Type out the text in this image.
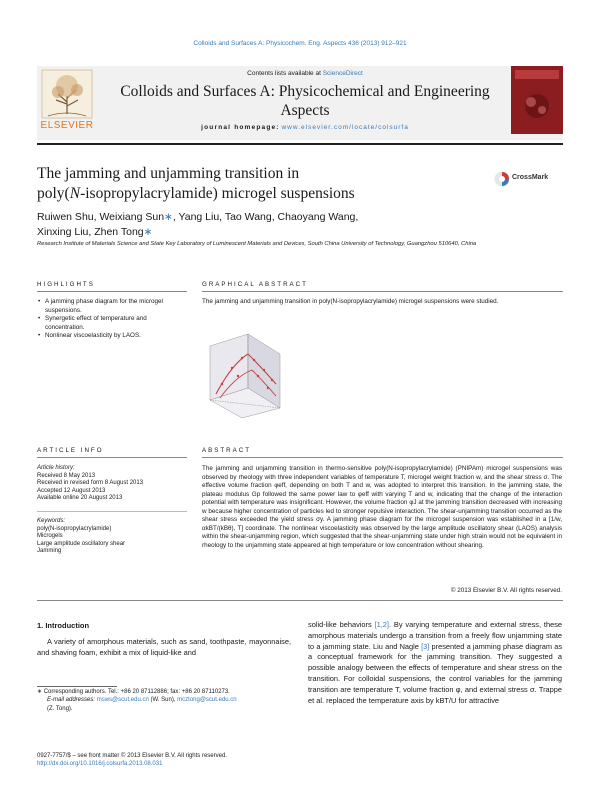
Colloids and Surfaces A: Physicochem. Eng. Aspects 436 (2013) 912–921
ELSEVIER
Contents lists available at ScienceDirect
Colloids and Surfaces A: Physicochemical and Engineering Aspects
journal homepage: www.elsevier.com/locate/colsurfa
The jamming and unjamming transition in
poly(N-isopropylacrylamide) microgel suspensions
CrossMark
Ruiwen Shu, Weixiang Sun∗, Yang Liu, Tao Wang, Chaoyang Wang,
Xinxing Liu, Zhen Tong∗
Research Institute of Materials Science and State Key Laboratory of Luminescent Materials and Devices, South China University of Technology, Guangzhou 510640, China
HIGHLIGHTS	GRAPHICAL ABSTRACT
• A jamming phase diagram for the microgel suspensions.
• Synergetic effect of temperature and concentration.
• Nonlinear viscoelasticity by LAOS.
The jamming and unjamming transition in poly(N-isopropylacrylamide) microgel suspensions were studied.
ARTICLE INFO	ABSTRACT
Article history:
Received 8 May 2013
Received in revised form 8 August 2013
Accepted 12 August 2013
Available online 20 August 2013
Keywords:
poly(N-isopropylacrylamide)
Microgels
Large amplitude oscillatory shear
Jamming
The jamming and unjamming transition in thermo-sensitive poly(N-isopropylacrylamide) (PNIPAm) microgel suspensions was observed by rheology with three independent variables of temperature T, microgel weight fraction w, and the shear stress σ. The effective volume fraction φeff, depending on both T and w, was adopted to interpret this transition. In the jamming state, the plateau modulus Gp followed the same power law to φeff with varying T and w, indicating that the change of the interaction potential with temperature was insignificant. However, the volume fraction φJ at the jamming transition decreased with increasing w because higher concentration of particles led to stronger repulsive interaction. The shear-unjamming transition occurred as the shear stress exceeded the yield stress σy. A jamming phase diagram for the microgel suspension was established in a [1/w, αkBT/(kBθ), T] coordinate. The nonlinear viscoelasticity was observed by the large amplitude oscillatory shear (LAOS) analysis within the shear-unjamming region, which suggested that the shear-unjamming state under high strain would not be equivalent in rheology to the unjamming state appeared at high temperature or low concentration without shearing.
© 2013 Elsevier B.V. All rights reserved.
1. Introduction
A variety of amorphous materials, such as sand, toothpaste, mayonnaise, and shaving foam, exhibit a mix of liquid-like and
solid-like behaviors [1,2]. By varying temperature and external stress, these amorphous materials undergo a transition from a freely flow unjamming state to a jamming state. Liu and Nagle [3] presented a jamming phase diagram as a conceptual framework for the jamming transition. They suggested a possible analogy between the effects of temperature and shear stress on the transition. For colloidal suspensions, the control variables for the jamming transition are temperature T, volume fraction φ, and external stress σ. Trappe et al. replaced the temperature axis by kBT/U for attractive
∗ Corresponding authors. Tel.: +86 20 87112886; fax: +86 20 87110273.
E-mail addresses: msws@scut.edu.cn (W. Sun), mcztong@scut.edu.cn
(Z. Tong).
0927-7757/$ – see front matter © 2013 Elsevier B.V. All rights reserved.
http://dx.doi.org/10.1016/j.colsurfa.2013.08.031
